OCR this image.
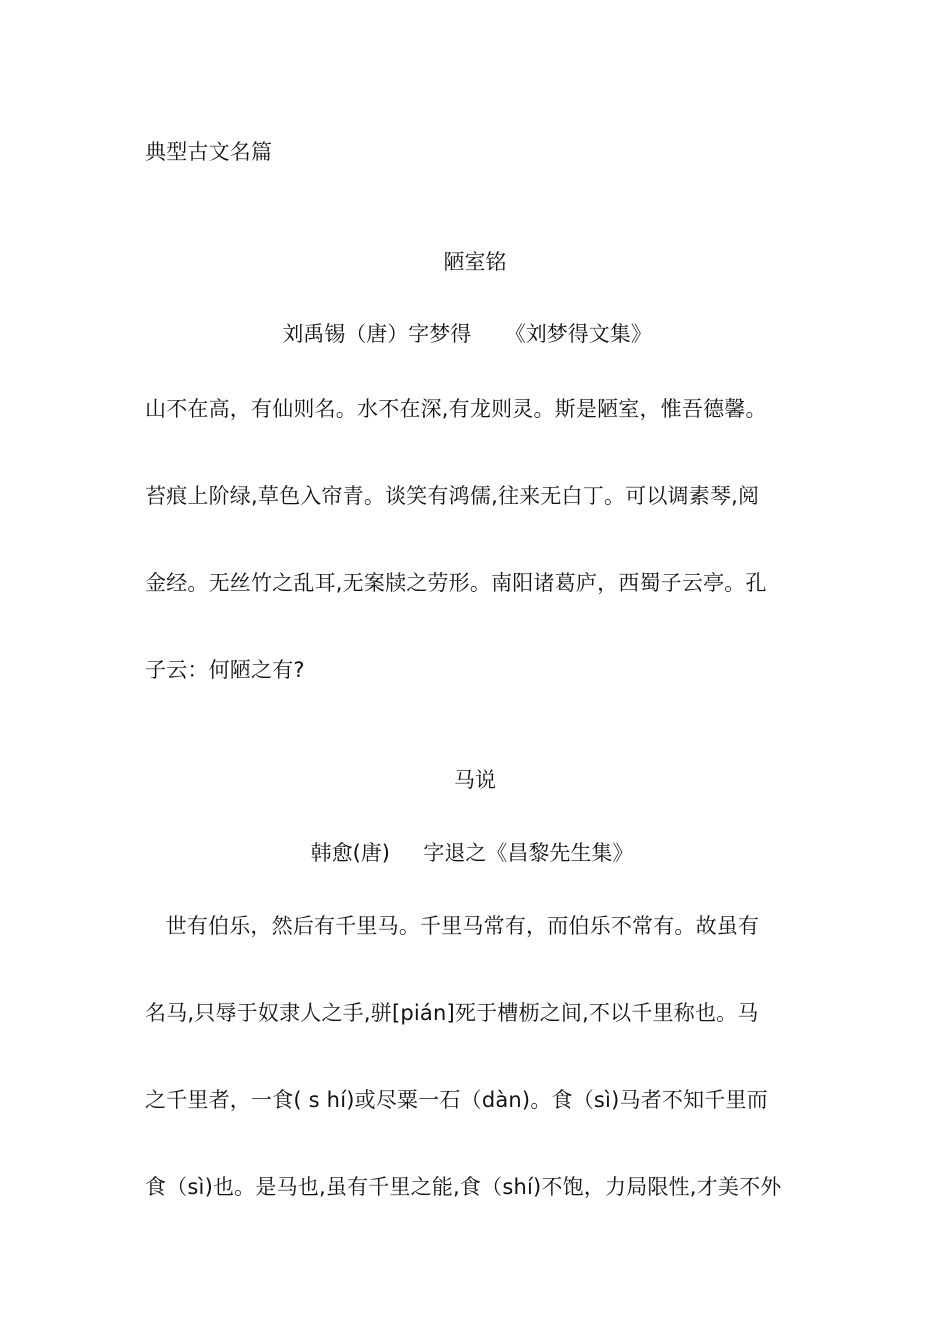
典型古文名篇
陋室铭
刘禹锡（唐）字梦得     《刘梦得文集》
山不在高，有仙则名。水不在深,有龙则灵。斯是陋室，惟吾德馨。
苔痕上阶绿,草色入帘青。谈笑有鸿儒,往来无白丁。可以调素琴,阅
金经。无丝竹之乱耳,无案牍之劳形。南阳诸葛庐，西蜀子云亭。孔
子云：何陋之有?
马说
韩愈(唐)     字退之《昌黎先生集》
世有伯乐，然后有千里马。千里马常有，而伯乐不常有。故虽有
名马,只辱于奴隶人之手,骈[pián]死于槽枥之间,不以千里称也。马
之千里者，一食( s hí)或尽粟一石（dàn)。食（sì)马者不知千里而
食（sì)也。是马也,虽有千里之能,食（shí)不饱，力局限性,才美不外
